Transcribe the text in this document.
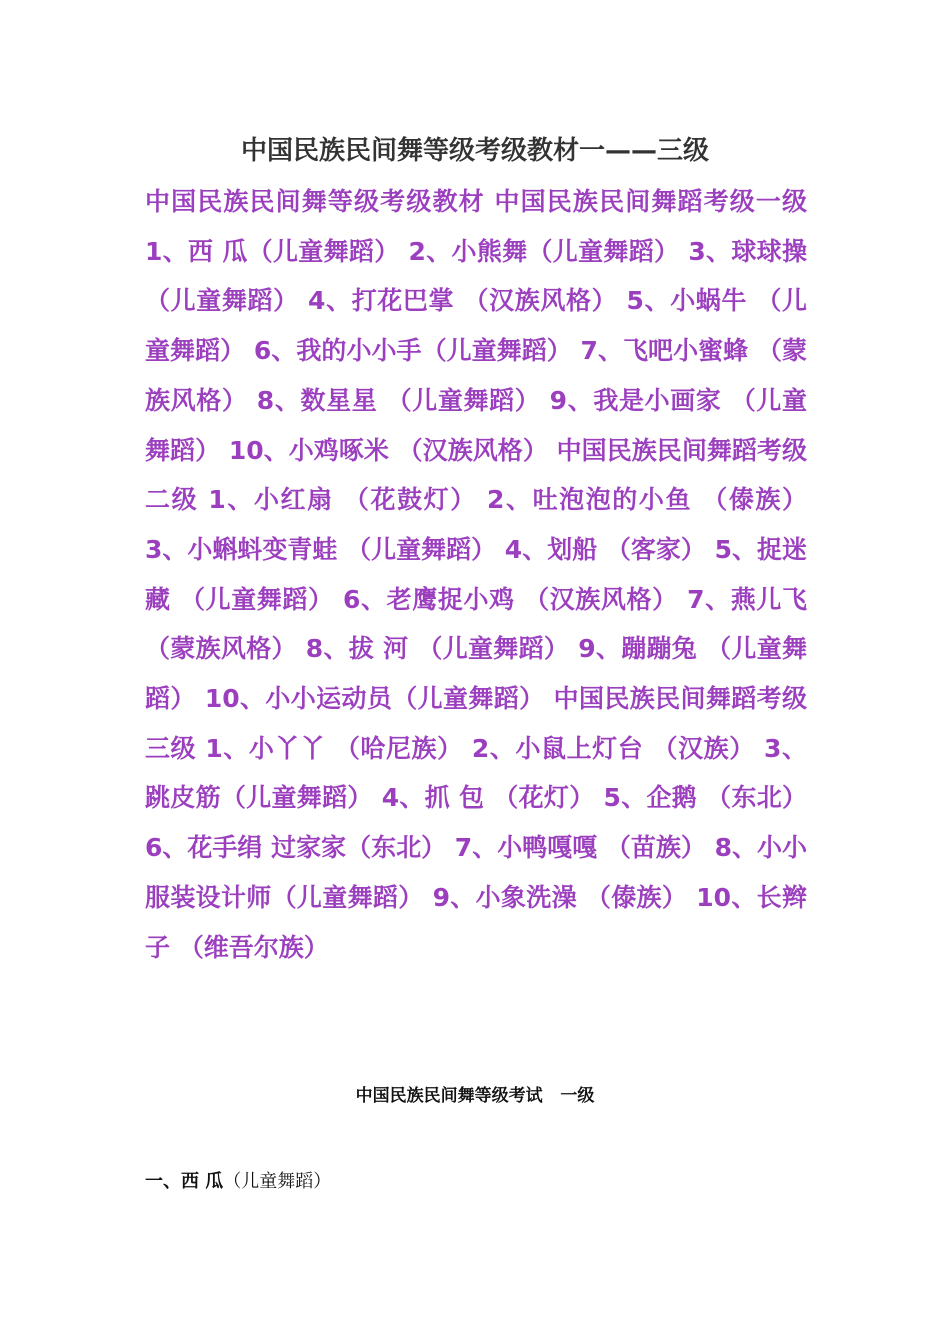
中国民族民间舞等级考级教材一——三级

中国民族民间舞等级考级教材 中国民族民间舞蹈考级一级 1、西 瓜（儿童舞蹈） 2、小熊舞（儿童舞蹈） 3、球球操 （儿童舞蹈） 4、打花巴掌 （汉族风格） 5、小蜗牛 （儿童舞蹈） 6、我的小小手（儿童舞蹈） 7、飞吧小蜜蜂 （蒙族风格） 8、数星星 （儿童舞蹈） 9、我是小画家 （儿童舞蹈） 10、小鸡啄米 （汉族风格） 中国民族民间舞蹈考级二级 1、小红扇 （花鼓灯） 2、吐泡泡的小鱼 （傣族） 3、小蝌蚪变青蛙 （儿童舞蹈） 4、划船 （客家） 5、捉迷藏 （儿童舞蹈） 6、老鹰捉小鸡 （汉族风格） 7、燕儿飞 （蒙族风格） 8、拔 河 （儿童舞蹈） 9、蹦蹦兔 （儿童舞蹈） 10、小小运动员（儿童舞蹈） 中国民族民间舞蹈考级三级 1、小丫丫 （哈尼族） 2、小鼠上灯台 （汉族） 3、跳皮筋（儿童舞蹈） 4、抓 包 （花灯） 5、企鹅 （东北） 6、花手绢 过家家（东北） 7、小鸭嘎嘎 （苗族） 8、小小服装设计师（儿童舞蹈） 9、小象洗澡 （傣族） 10、长辫子 （维吾尔族）

中国民族民间舞等级考试   一级
一、西 瓜（儿童舞蹈）
